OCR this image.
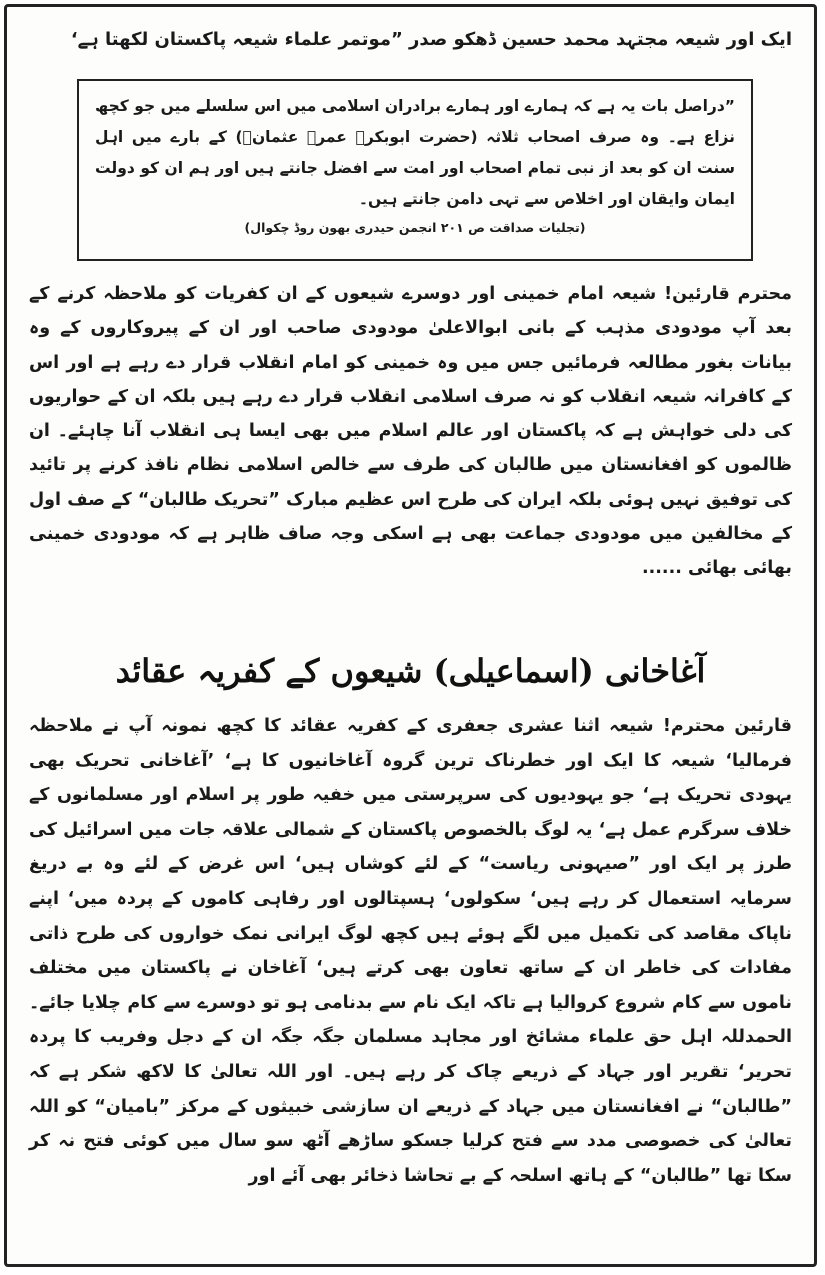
ایک اور شیعہ مجتہد محمد حسین ڈھکو صدر ”موتمر علماء شیعہ پاکستان لکھتا ہے‘
”دراصل بات یہ ہے کہ ہمارے اور ہمارے برادران اسلامی میں اس سلسلے میں جو کچھ نزاع ہے۔ وہ صرف اصحاب ثلاثہ (حضرت ابوبکرؓ عمرؓ عثمانؓ) کے بارے میں اہل سنت ان کو بعد از نبی تمام اصحاب اور امت سے افضل جانتے ہیں اور ہم ان کو دولت ایمان وایقان اور اخلاص سے تہی دامن جانتے ہیں۔
(تجلیات صداقت ص ۲۰۱ انجمن حیدری بھون روڈ چکوال)
محترم قارئین! شیعہ امام خمینی اور دوسرے شیعوں کے ان کفریات کو ملاحظہ کرنے کے بعد آپ مودودی مذہب کے بانی ابوالاعلیٰ مودودی صاحب اور ان کے پیروکاروں کے وہ بیانات بغور مطالعہ فرمائیں جس میں وہ خمینی کو امام انقلاب قرار دے رہے ہے اور اس کے کافرانہ شیعہ انقلاب کو نہ صرف اسلامی انقلاب قرار دے رہے ہیں بلکہ ان کے حواریوں کی دلی خواہش ہے کہ پاکستان اور عالم اسلام میں بھی ایسا ہی انقلاب آنا چاہئے۔ ان ظالموں کو افغانستان میں طالبان کی طرف سے خالص اسلامی نظام نافذ کرنے پر تائید کی توفیق نہیں ہوئی بلکہ ایران کی طرح اس عظیم مبارک ”تحریک طالبان“ کے صف اول کے مخالفین میں مودودی جماعت بھی ہے اسکی وجہ صاف ظاہر ہے کہ مودودی خمینی بھائی بھائی ......
آغاخانی (اسماعیلی) شیعوں کے کفریہ عقائد
قارئین محترم! شیعہ اثنا عشری جعفری کے کفریہ عقائد کا کچھ نمونہ آپ نے ملاحظہ فرمالیا‘ شیعہ کا ایک اور خطرناک ترین گروہ آغاخانیوں کا ہے‘ ’آغاخانی تحریک بھی یہودی تحریک ہے‘ جو یہودیوں کی سرپرستی میں خفیہ طور پر اسلام اور مسلمانوں کے خلاف سرگرم عمل ہے‘ یہ لوگ بالخصوص پاکستان کے شمالی علاقہ جات میں اسرائیل کی طرز پر ایک اور ”صیہونی ریاست“ کے لئے کوشاں ہیں‘ اس غرض کے لئے وہ بے دریغ سرمایہ استعمال کر رہے ہیں‘ سکولوں‘ ہسپتالوں اور رفاہی کاموں کے پردہ میں‘ اپنے ناپاک مقاصد کی تکمیل میں لگے ہوئے ہیں کچھ لوگ ایرانی نمک خواروں کی طرح ذاتی مفادات کی خاطر ان کے ساتھ تعاون بھی کرتے ہیں‘ آغاخان نے پاکستان میں مختلف ناموں سے کام شروع کروالیا ہے تاکہ ایک نام سے بدنامی ہو تو دوسرے سے کام چلایا جائے۔ الحمدللہ اہل حق علماء مشائخ اور مجاہد مسلمان جگہ جگہ ان کے دجل وفریب کا پردہ تحریر‘ تقریر اور جہاد کے ذریعے چاک کر رہے ہیں۔ اور اللہ تعالیٰ کا لاکھ شکر ہے کہ ”طالبان“ نے افغانستان میں جہاد کے ذریعے ان سازشی خبیثوں کے مرکز ”بامیان“ کو اللہ تعالیٰ کی خصوصی مدد سے فتح کرلیا جسکو ساڑھے آٹھ سو سال میں کوئی فتح نہ کر سکا تھا ”طالبان“ کے ہاتھ اسلحہ کے بے تحاشا ذخائر بھی آئے اور
